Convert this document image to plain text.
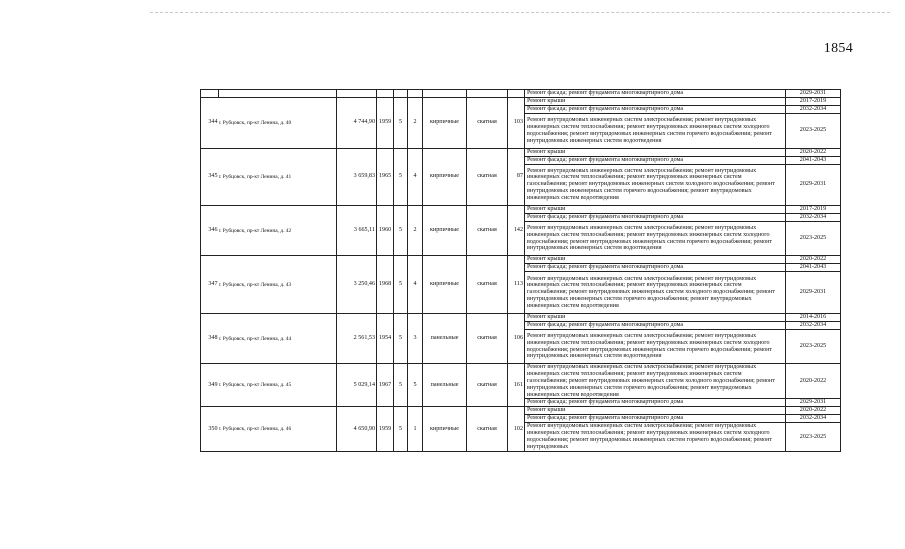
1854
									Ремонт фасада; ремонт фундамента многоквартирного дома	2029-2031
344	г. Рубцовск, пр-кт Ленина, д. 40	4 744,90	1959	5	2	кирпичные	скатная	103	Ремонт крыши	2017-2019
									Ремонт фасада; ремонт фундамента многоквартирного дома	2032-2034
									Ремонт внутридомовых инженерных систем электроснабжения; ремонт внутридомовых инженерных систем теплоснабжения; ремонт внутридомовых инженерных систем холодного водоснабжения; ремонт внутридомовых инженерных систем горячего водоснабжения; ремонт внутридомовых инженерных систем водоотведения	2023-2025
345	г. Рубцовск, пр-кт Ленина, д. 41	3 659,83	1965	5	4	кирпичные	скатная	87	Ремонт крыши	2020-2022
									Ремонт фасада; ремонт фундамента многоквартирного дома	2041-2043
									Ремонт внутридомовых инженерных систем электроснабжения; ремонт внутридомовых инженерных систем теплоснабжения; ремонт внутридомовых инженерных систем газоснабжения; ремонт внутридомовых инженерных систем холодного водоснабжения; ремонт внутридомовых инженерных систем горячего водоснабжения; ремонт внутридомовых инженерных систем водоотведения	2029-2031
346	г. Рубцовск, пр-кт Ленина, д. 42	3 665,11	1960	5	2	кирпичные	скатная	142	Ремонт крыши	2017-2019
									Ремонт фасада; ремонт фундамента многоквартирного дома	2032-2034
									Ремонт внутридомовых инженерных систем электроснабжения; ремонт внутридомовых инженерных систем теплоснабжения; ремонт внутридомовых инженерных систем холодного водоснабжения; ремонт внутридомовых инженерных систем горячего водоснабжения; ремонт внутридомовых инженерных систем водоотведения	2023-2025
347	г. Рубцовск, пр-кт Ленина, д. 43	3 250,46	1968	5	4	кирпичные	скатная	113	Ремонт крыши	2020-2022
									Ремонт фасада; ремонт фундамента многоквартирного дома	2041-2043
									Ремонт внутридомовых инженерных систем электроснабжения; ремонт внутридомовых инженерных систем теплоснабжения; ремонт внутридомовых инженерных систем газоснабжения; ремонт внутридомовых инженерных систем холодного водоснабжения; ремонт внутридомовых инженерных систем горячего водоснабжения; ремонт внутридомовых инженерных систем водоотведения	2029-2031
348	г. Рубцовск, пр-кт Ленина, д. 44	2 561,53	1954	5	3	панельные	скатная	106	Ремонт крыши	2014-2016
									Ремонт фасада; ремонт фундамента многоквартирного дома	2032-2034
									Ремонт внутридомовых инженерных систем электроснабжения; ремонт внутридомовых инженерных систем теплоснабжения; ремонт внутридомовых инженерных систем холодного водоснабжения; ремонт внутридомовых инженерных систем горячего водоснабжения; ремонт внутридомовых инженерных систем водоотведения	2023-2025
349	г. Рубцовск, пр-кт Ленина, д. 45	5 029,14	1967	5	5	панельные	скатная	161	Ремонт внутридомовых инженерных систем электроснабжения; ремонт внутридомовых инженерных систем теплоснабжения; ремонт внутридомовых инженерных систем газоснабжения; ремонт внутридомовых инженерных систем холодного водоснабжения; ремонт внутридомовых инженерных систем горячего водоснабжения; ремонт внутридомовых инженерных систем водоотведения	2020-2022
									Ремонт фасада; ремонт фундамента многоквартирного дома	2029-2031
350	г. Рубцовск, пр-кт Ленина, д. 46	4 650,90	1959	5	1	кирпичные	скатная	102	Ремонт крыши	2020-2022
									Ремонт фасада; ремонт фундамента многоквартирного дома	2032-2034
									Ремонт внутридомовых инженерных систем электроснабжения; ремонт внутридомовых инженерных систем теплоснабжения; ремонт внутридомовых инженерных систем холодного водоснабжения; ремонт внутридомовых инженерных систем горячего водоснабжения; ремонт внутридомовых	2023-2025
